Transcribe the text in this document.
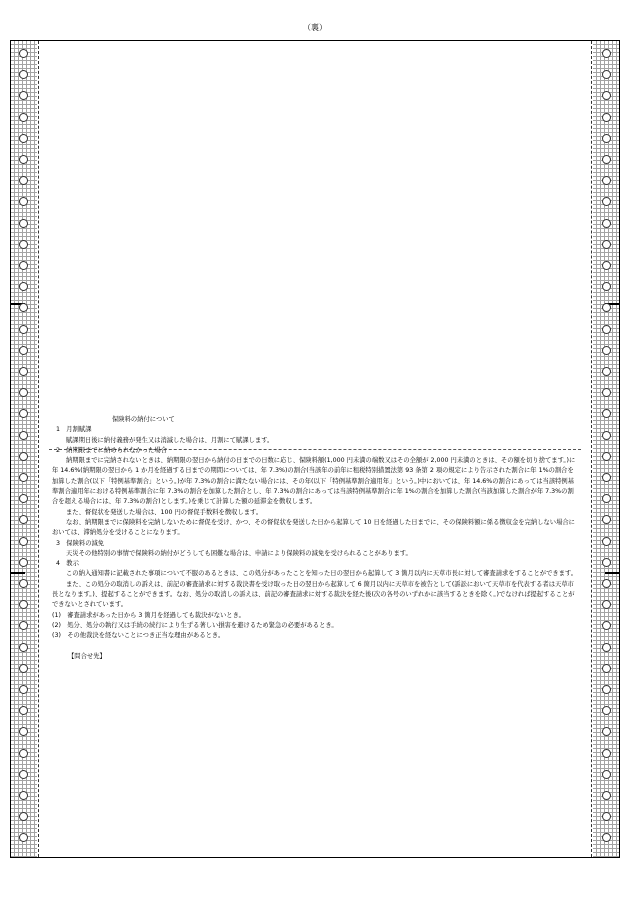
（裏）

保険料の納付について

1　月割賦課

賦課期日後に納付義務が発生又は消滅した場合は、月割にて賦課します。

2　納期限までに納められなかった場合

納期限までに完納されないときは、納期限の翌日から納付の日までの日数に応じ、保険料額(1,000 円未満の端数又はその全額が 2,000 円未満のときは、その額を切り捨てます。)に年 14.6%(納期限の翌日から 1 か月を経過する日までの期間については、年 7.3%)の割合(当該年の前年に租税特別措置法第 93 条第 2 項の規定により告示された割合に年 1%の割合を加算した割合(以下「特例基準割合」という。)が年 7.3%の割合に満たない場合には、その年(以下「特例基準割合適用年」という。)中においては、年 14.6%の割合にあっては当該特例基準割合適用年における特例基準割合に年 7.3%の割合を加算した割合とし、年 7.3%の割合にあっては当該特例基準割合に年 1%の割合を加算した割合(当該加算した割合が年 7.3%の割合を超える場合には、年 7.3%の割合)とします。)を乗じて計算した額の延滞金を徴収します。

また、督促状を発送した場合は、100 円の督促手数料を徴収します。

なお、納期限までに保険料を完納しないために督促を受け、かつ、その督促状を発送した日から起算して 10 日を経過した日までに、その保険料額に係る徴収金を完納しない場合においては、滞納処分を受けることになります。

3　保険料の減免

天災その他特別の事情で保険料の納付がどうしても困難な場合は、申請により保険料の減免を受けられることがあります。

4　教示

この納入通知書に記載された事項について不服のあるときは、この処分があったことを知った日の翌日から起算して 3 箇月以内に天草市長に対して審査請求をすることができます。

また、この処分の取消しの訴えは、前記の審査請求に対する裁決書を受け取った日の翌日から起算して 6 箇月以内に天草市を被告として(訴訟において天草市を代表する者は天草市長となります。)、提起することができます。なお、処分の取消しの訴えは、前記の審査請求に対する裁決を経た後(次の各号のいずれかに該当するときを除く。)でなければ提起することができないとされています。

(1)　審査請求があった日から 3 箇月を経過しても裁決がないとき。

(2)　処分、処分の執行又は手続の続行により生ずる著しい損害を避けるため緊急の必要があるとき。

(3)　その他裁決を経ないことにつき正当な理由があるとき。

【問合せ先】
